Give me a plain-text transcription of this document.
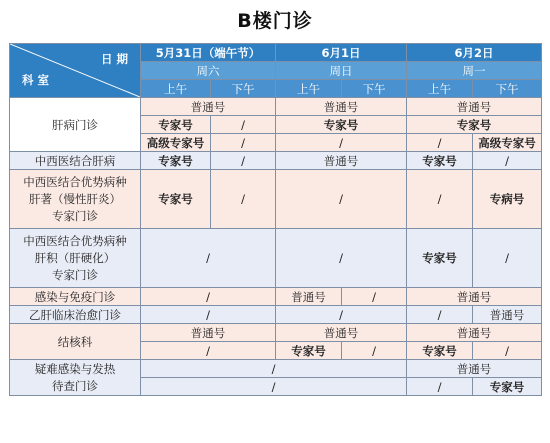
B楼门诊
日 期
科 室	5月31日（端午节）		6月1日		6月2日	
	周六		周日		周一	
	上午	下午	上午	下午	上午	下午
肝病门诊	普通号		普通号		普通号	
	专家号	/	专家号		专家号	
	高级专家号	/	/		/	高级专家号
中西医结合肝病	专家号	/	普通号		专家号	/

中西医结合优势病种
肝著（慢性肝炎）
专家门诊	专家号	/	/		/	专病号

中西医结合优势病种
肝积（肝硬化）
专家门诊	/		/		专家号	/
感染与免疫门诊	/		普通号	/	普通号	
乙肝临床治愈门诊	/		/		/	普通号
结核科	普通号		普通号		普通号	
	/		专家号	/	专家号	/

疑难感染与发热
待查门诊	/				普通号	
	/				/	专家号
